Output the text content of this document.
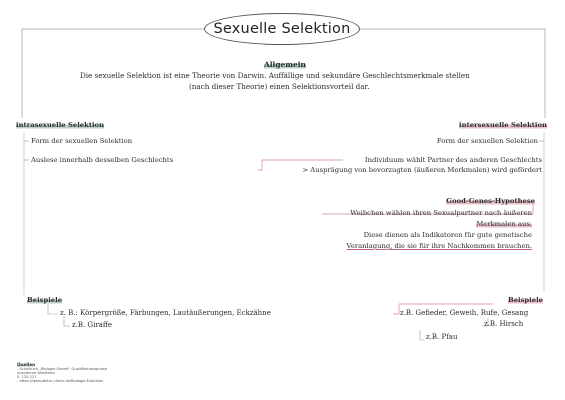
Sexuelle Selektion
Allgemein
Die sexuelle Selektion ist eine Theorie von Darwin. Auffällige und sekundäre Geschlechtsmerkmale stellen
(nach dieser Theorie) einen Selektionsvorteil dar.
intrasexuelle Selektion
Form der sexuellen Selektion
Auslese innerhalb desselben Geschlechts
Beispiele
z. B.: Körpergröße, Färbungen, Lautäußerungen, Eckzähne
z.B. Giraffe
intersexuelle Selektion
Form der sexuellen Selektion
Individuum wählt Partner des anderen Geschlechts
> Ausprägung von bevorzugten (äußeren Merkmalen) wird gefördert
Good-Genes-Hypothese
Weibchen wählen ihren Sexualpartner nach äußeren
Merkmalen aus.
Diese dienen als Indikatoren für gute genetische
Veranlagung, die sie für ihre Nachkommen brauchen.
Beispiele
z.B. Gefieder, Geweih, Rufe, Gesang
z.B. Hirsch
z.B. Pfau
Quellen
- Schulbuch „Biologie Oberst“ Qualifikationsphase
Ausnahme Westfalen
S. 120-121
- https://www.abitur-check.de/Biologie-Evolution
